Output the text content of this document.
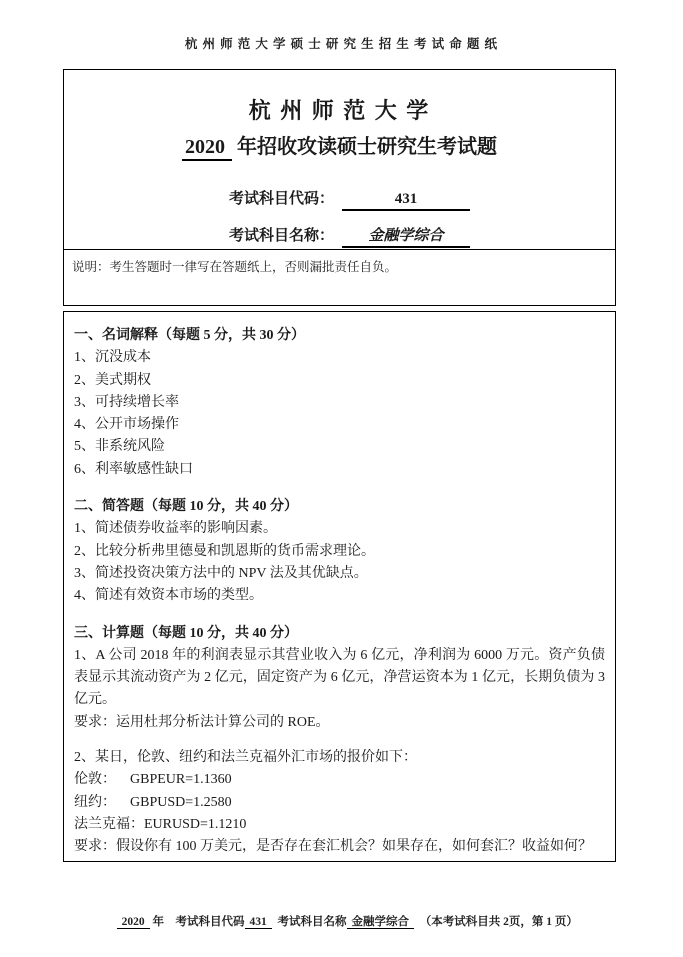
杭 州 师 范 大 学 硕 士 研 究 生 招 生 考 试 命 题 纸
杭 州 师 范 大 学
2020 年招收攻读硕士研究生考试题
考试科目代码：	431
考试科目名称： 金融学综合
说明：考生答题时一律写在答题纸上，否则漏批责任自负。
一、名词解释（每题 5 分，共 30 分）
1、沉没成本
2、美式期权
3、可持续增长率
4、公开市场操作
5、非系统风险
6、利率敏感性缺口
二、简答题（每题 10 分，共 40 分）
1、简述债券收益率的影响因素。
2、比较分析弗里德曼和凯恩斯的货币需求理论。
3、简述投资决策方法中的 NPV 法及其优缺点。
4、简述有效资本市场的类型。
三、计算题（每题 10 分，共 40 分）
1、A 公司 2018 年的利润表显示其营业收入为 6 亿元，净利润为 6000 万元。资产负债表显示其流动资产为 2 亿元，固定资产为 6 亿元，净营运资本为 1 亿元，长期负债为 3 亿元。
要求：运用杜邦分析法计算公司的 ROE。
2、某日，伦敦、纽约和法兰克福外汇市场的报价如下：
伦敦：    GBPEUR=1.1360
纽约：    GBPUSD=1.2580
法兰克福：EURUSD=1.1210
要求：假设你有 100 万美元，是否存在套汇机会？如果存在，如何套汇？收益如何？

2020 年　考试科目代码 431  考试科目名称 金融学综合  （本考试科目共 2页，第 1 页）
